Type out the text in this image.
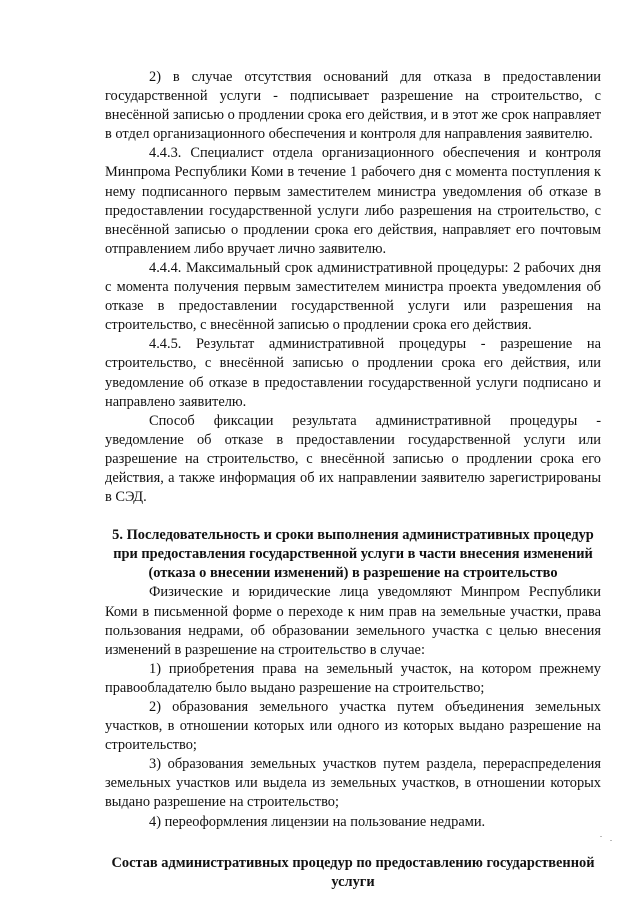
2) в случае отсутствия оснований для отказа в предоставлении государственной услуги - подписывает разрешение на строительство, с внесённой записью о продлении срока его действия, и в этот же срок направляет в отдел организационного обеспечения и контроля для направления заявителю.

4.4.3. Специалист отдела организационного обеспечения и контроля Минпрома Республики Коми в течение 1 рабочего дня с момента поступления к нему подписанного первым заместителем министра уведомления об отказе в предоставлении государственной услуги либо разрешения на строительство, с внесённой записью о продлении срока его действия, направляет его почтовым отправлением либо вручает лично заявителю.

4.4.4. Максимальный срок административной процедуры: 2 рабочих дня с момента получения первым заместителем министра проекта уведомления об отказе в предоставлении государственной услуги или разрешения на строительство, с внесённой записью о продлении срока его действия.

4.4.5. Результат административной процедуры - разрешение на строительство, с внесённой записью о продлении срока его действия, или уведомление об отказе в предоставлении государственной услуги подписано и направлено заявителю.

Способ фиксации результата административной процедуры - уведомление об отказе в предоставлении государственной услуги или разрешение на строительство, с внесённой записью о продлении срока его действия, а также информация об их направлении заявителю зарегистрированы в СЭД.

5. Последовательность и сроки выполнения административных процедур при предоставления государственной услуги в части внесения изменений (отказа о внесении изменений) в разрешение на строительство

Физические и юридические лица уведомляют Минпром Республики Коми в письменной форме о переходе к ним прав на земельные участки, права пользования недрами, об образовании земельного участка с целью внесения изменений в разрешение на строительство в случае:

1) приобретения права на земельный участок, на котором прежнему правообладателю было выдано разрешение на строительство;

2) образования земельного участка путем объединения земельных участков, в отношении которых или одного из которых выдано разрешение на строительство;

3) образования земельных участков путем раздела, перераспределения земельных участков или выдела из земельных участков, в отношении которых выдано разрешение на строительство;

4) переоформления лицензии на пользование недрами.

Состав административных процедур по предоставлению государственной услуги
